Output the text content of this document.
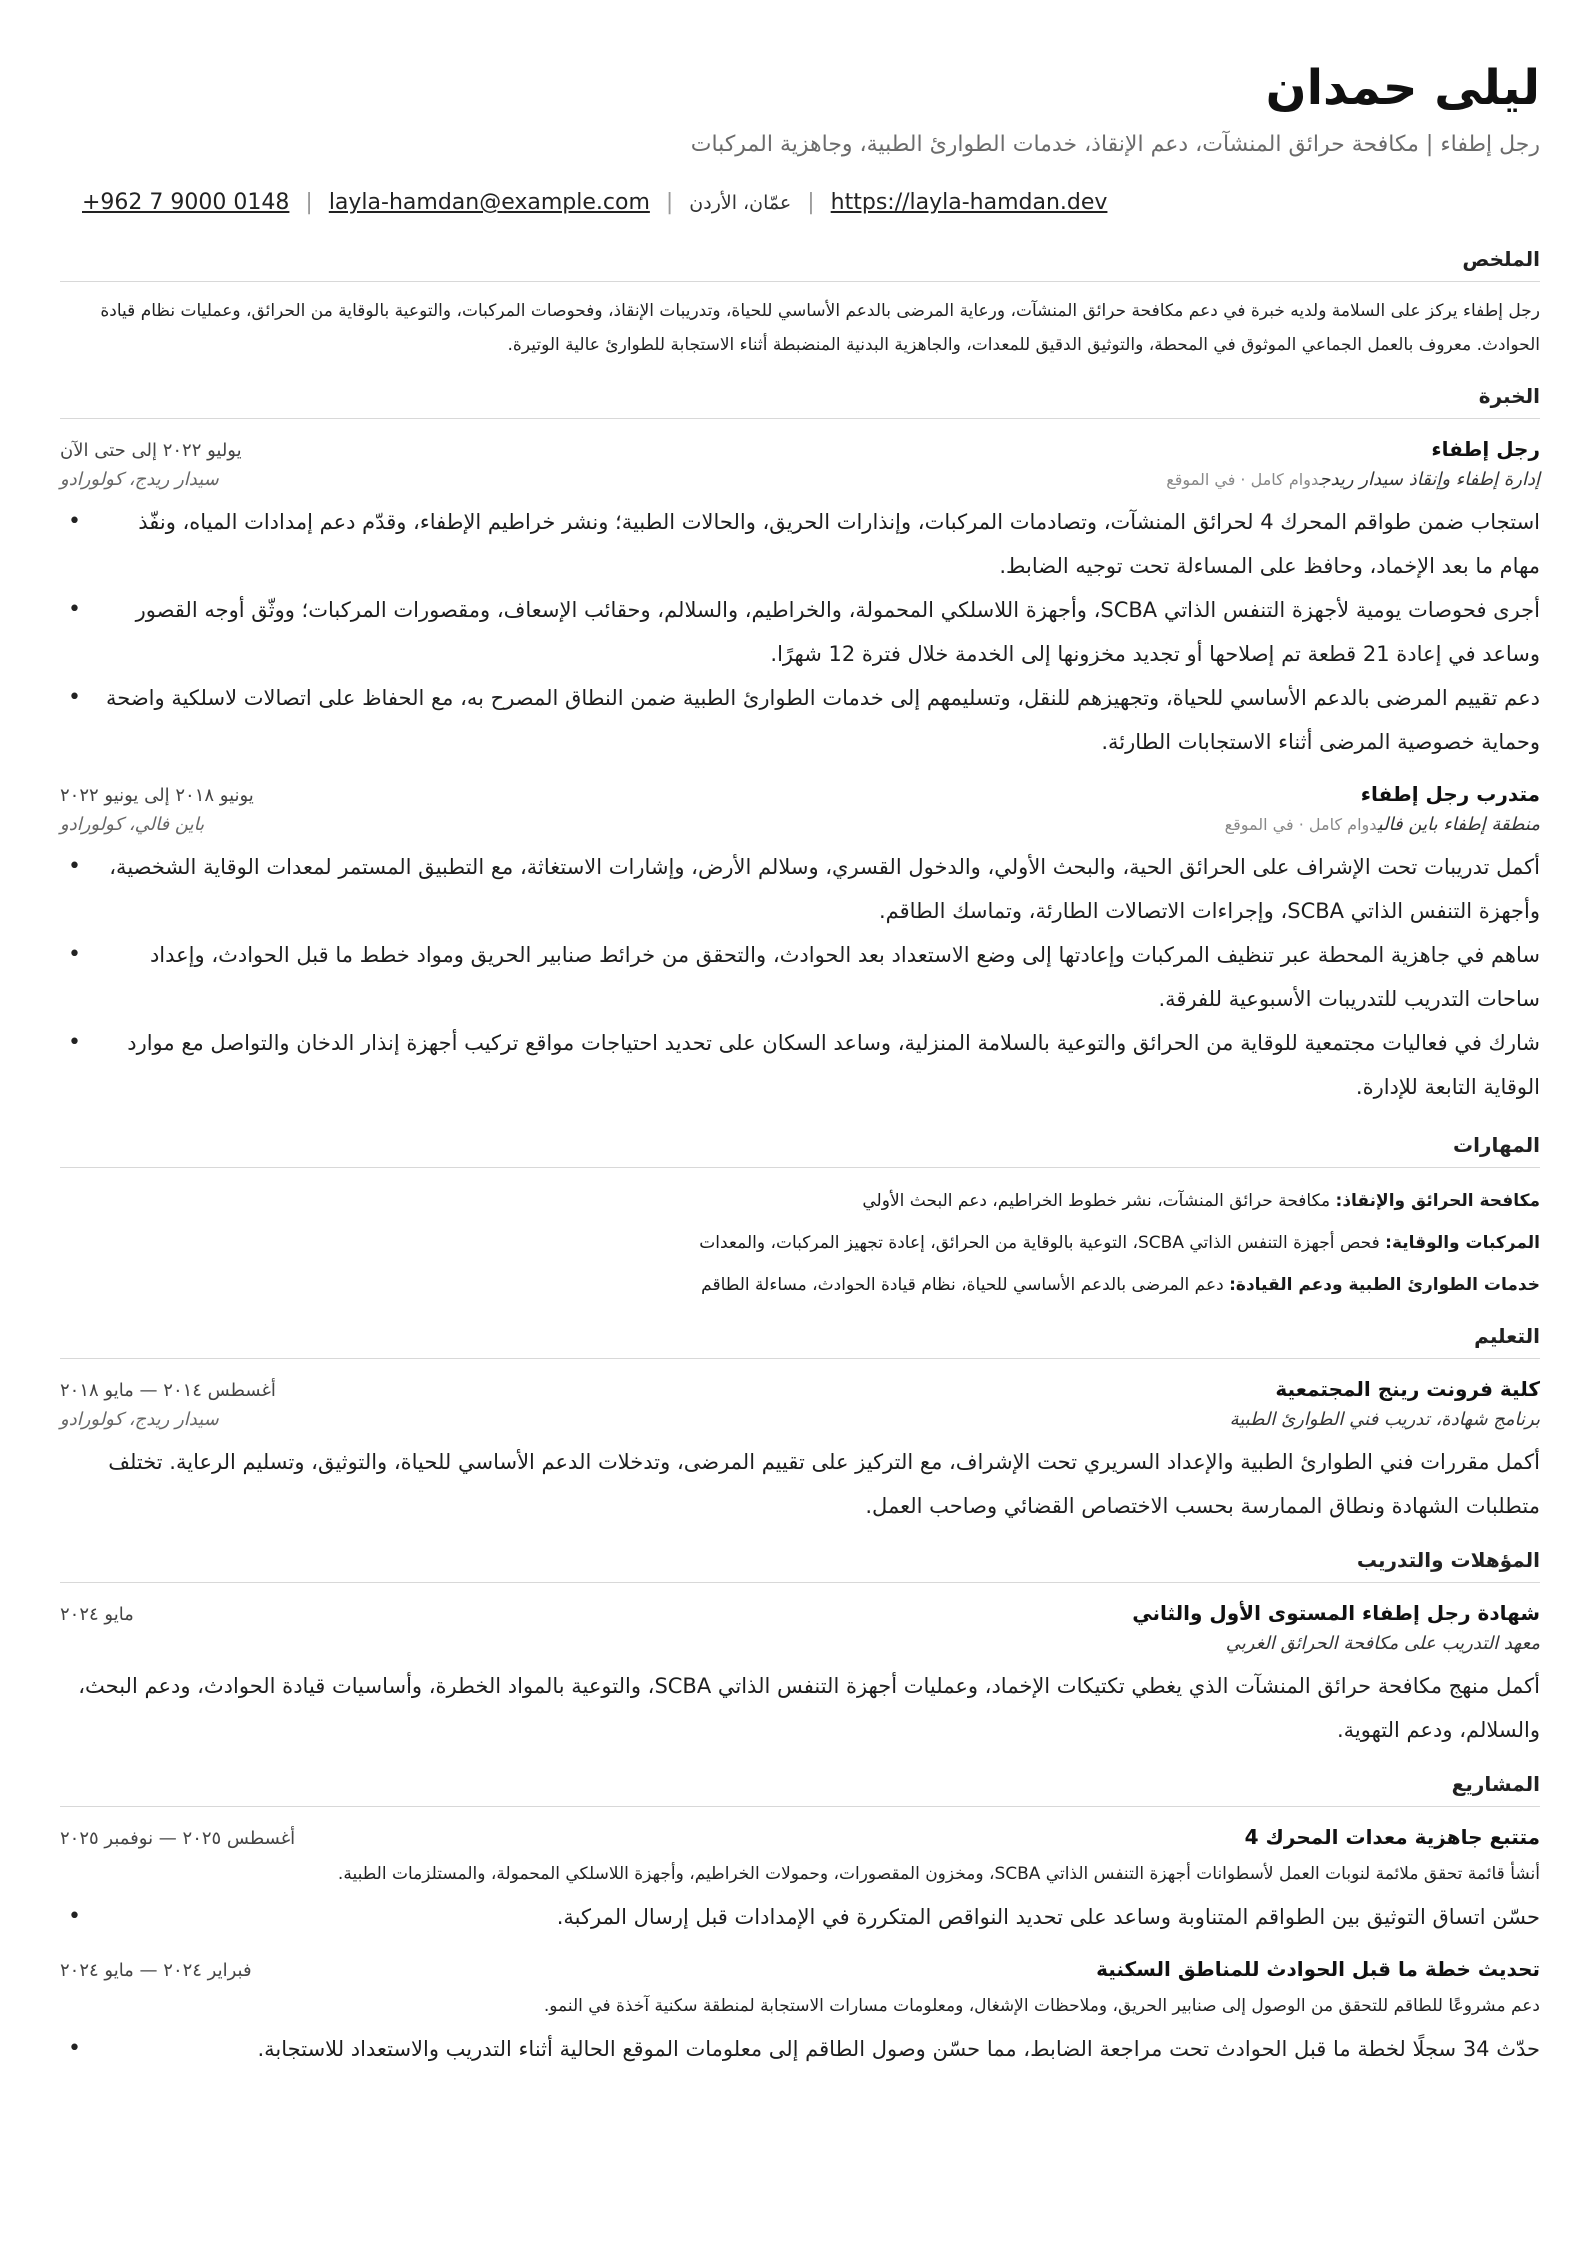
ليلى حمدان
رجل إطفاء | مكافحة حرائق المنشآت، دعم الإنقاذ، خدمات الطوارئ الطبية، وجاهزية المركبات
+962 7 9000 0148 | layla-hamdan@example.com | عمّان، الأردن | https://layla-hamdan.dev
الملخص
رجل إطفاء يركز على السلامة ولديه خبرة في دعم مكافحة حرائق المنشآت، ورعاية المرضى بالدعم الأساسي للحياة، وتدريبات الإنقاذ، وفحوصات المركبات، والتوعية بالوقاية من الحرائق، وعمليات نظام قيادة الحوادث. معروف بالعمل الجماعي الموثوق في المحطة، والتوثيق الدقيق للمعدات، والجاهزية البدنية المنضبطة أثناء الاستجابة للطوارئ عالية الوتيرة.
الخبرة
رجل إطفاء
يوليو ٢٠٢٢ إلى حتى الآن
إدارة إطفاء وإنقاذ سيدار ريدجدوام كامل · في الموقع
سيدار ريدج، كولورادو
• استجاب ضمن طواقم المحرك 4 لحرائق المنشآت، وتصادمات المركبات، وإنذارات الحريق، والحالات الطبية؛ ونشر خراطيم الإطفاء، وقدّم دعم إمدادات المياه، ونفّذ مهام ما بعد الإخماد، وحافظ على المساءلة تحت توجيه الضابط.
• أجرى فحوصات يومية لأجهزة التنفس الذاتي SCBA، وأجهزة اللاسلكي المحمولة، والخراطيم، والسلالم، وحقائب الإسعاف، ومقصورات المركبات؛ ووثّق أوجه القصور وساعد في إعادة 21 قطعة تم إصلاحها أو تجديد مخزونها إلى الخدمة خلال فترة 12 شهرًا.
• دعم تقييم المرضى بالدعم الأساسي للحياة، وتجهيزهم للنقل، وتسليمهم إلى خدمات الطوارئ الطبية ضمن النطاق المصرح به، مع الحفاظ على اتصالات لاسلكية واضحة وحماية خصوصية المرضى أثناء الاستجابات الطارئة.
متدرب رجل إطفاء
يونيو ٢٠١٨ إلى يونيو ٢٠٢٢
منطقة إطفاء باين فاليدوام كامل · في الموقع
باين فالي، كولورادو
• أكمل تدريبات تحت الإشراف على الحرائق الحية، والبحث الأولي، والدخول القسري، وسلالم الأرض، وإشارات الاستغاثة، مع التطبيق المستمر لمعدات الوقاية الشخصية، وأجهزة التنفس الذاتي SCBA، وإجراءات الاتصالات الطارئة، وتماسك الطاقم.
• ساهم في جاهزية المحطة عبر تنظيف المركبات وإعادتها إلى وضع الاستعداد بعد الحوادث، والتحقق من خرائط صنابير الحريق ومواد خطط ما قبل الحوادث، وإعداد ساحات التدريب للتدريبات الأسبوعية للفرقة.
• شارك في فعاليات مجتمعية للوقاية من الحرائق والتوعية بالسلامة المنزلية، وساعد السكان على تحديد احتياجات مواقع تركيب أجهزة إنذار الدخان والتواصل مع موارد الوقاية التابعة للإدارة.
المهارات
مكافحة الحرائق والإنقاذ: مكافحة حرائق المنشآت، نشر خطوط الخراطيم، دعم البحث الأولي
المركبات والوقاية: فحص أجهزة التنفس الذاتي SCBA، التوعية بالوقاية من الحرائق، إعادة تجهيز المركبات، والمعدات
خدمات الطوارئ الطبية ودعم القيادة: دعم المرضى بالدعم الأساسي للحياة، نظام قيادة الحوادث، مساءلة الطاقم
التعليم
كلية فرونت رينج المجتمعية
أغسطس ٢٠١٤ — مايو ٢٠١٨
برنامج شهادة، تدريب فني الطوارئ الطبية
سيدار ريدج، كولورادو
أكمل مقررات فني الطوارئ الطبية والإعداد السريري تحت الإشراف، مع التركيز على تقييم المرضى، وتدخلات الدعم الأساسي للحياة، والتوثيق، وتسليم الرعاية. تختلف متطلبات الشهادة ونطاق الممارسة بحسب الاختصاص القضائي وصاحب العمل.
المؤهلات والتدريب
شهادة رجل إطفاء المستوى الأول والثاني
مايو ٢٠٢٤
معهد التدريب على مكافحة الحرائق الغربي
أكمل منهج مكافحة حرائق المنشآت الذي يغطي تكتيكات الإخماد، وعمليات أجهزة التنفس الذاتي SCBA، والتوعية بالمواد الخطرة، وأساسيات قيادة الحوادث، ودعم البحث، والسلالم، ودعم التهوية.
المشاريع
متتبع جاهزية معدات المحرك 4
أغسطس ٢٠٢٥ — نوفمبر ٢٠٢٥
أنشأ قائمة تحقق ملائمة لنوبات العمل لأسطوانات أجهزة التنفس الذاتي SCBA، ومخزون المقصورات، وحمولات الخراطيم، وأجهزة اللاسلكي المحمولة، والمستلزمات الطبية.
• حسّن اتساق التوثيق بين الطواقم المتناوبة وساعد على تحديد النواقص المتكررة في الإمدادات قبل إرسال المركبة.
تحديث خطة ما قبل الحوادث للمناطق السكنية
فبراير ٢٠٢٤ — مايو ٢٠٢٤
دعم مشروعًا للطاقم للتحقق من الوصول إلى صنابير الحريق، وملاحظات الإشغال، ومعلومات مسارات الاستجابة لمنطقة سكنية آخذة في النمو.
• حدّث 34 سجلًا لخطة ما قبل الحوادث تحت مراجعة الضابط، مما حسّن وصول الطاقم إلى معلومات الموقع الحالية أثناء التدريب والاستعداد للاستجابة.
